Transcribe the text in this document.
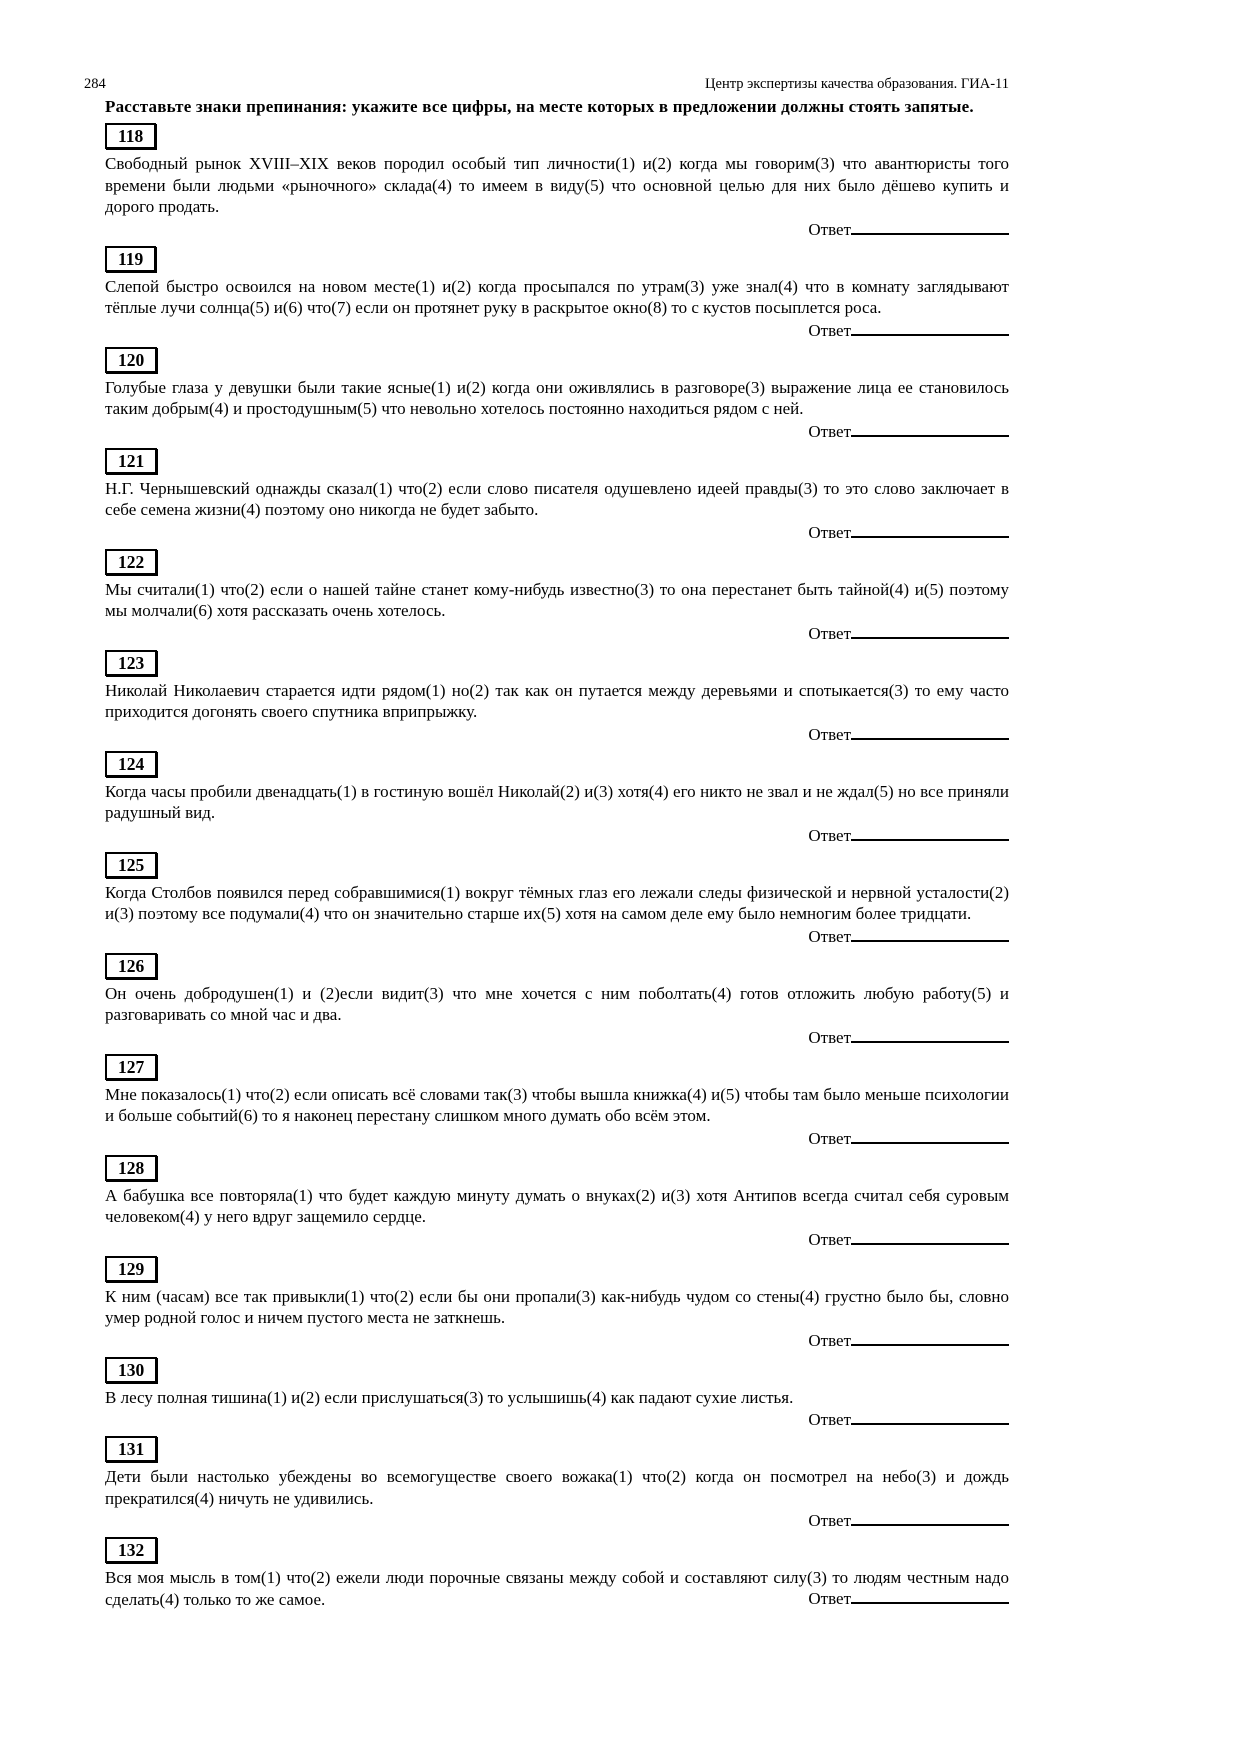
284	Центр экспертизы качества образования. ГИА-11
Расставьте знаки препинания: укажите все цифры, на месте которых в предложении должны стоять запятые.
118
Свободный рынок XVIII–XIX веков породил особый тип личности(1) и(2) когда мы говорим(3) что авантюристы того времени были людьми «рыночного» склада(4) то имеем в виду(5) что основной целью для них было дёшево купить и дорого продать.
Ответ
119
Слепой быстро освоился на новом месте(1) и(2) когда просыпался по утрам(3) уже знал(4) что в комнату заглядывают тёплые лучи солнца(5) и(6) что(7) если он протянет руку в раскрытое окно(8) то с кустов посыплется роса.
Ответ
120
Голубые глаза у девушки были такие ясные(1) и(2) когда они оживлялись в разговоре(3) выражение лица ее становилось таким добрым(4) и простодушным(5) что невольно хотелось постоянно находиться рядом с ней.
Ответ
121
Н.Г. Чернышевский однажды сказал(1) что(2) если слово писателя одушевлено идеей правды(3) то это слово заключает в себе семена жизни(4) поэтому оно никогда не будет забыто.
Ответ
122
Мы считали(1) что(2) если о нашей тайне станет кому-нибудь известно(3) то она перестанет быть тайной(4) и(5) поэтому мы молчали(6) хотя рассказать очень хотелось.
Ответ
123
Николай Николаевич старается идти рядом(1) но(2) так как он путается между деревьями и спотыкается(3) то ему часто приходится догонять своего спутника вприпрыжку.
Ответ
124
Когда часы пробили двенадцать(1) в гостиную вошёл Николай(2) и(3) хотя(4) его никто не звал и не ждал(5) но все приняли радушный вид.
Ответ
125
Когда Столбов появился перед собравшимися(1) вокруг тёмных глаз его лежали следы физической и нервной усталости(2) и(3) поэтому все подумали(4) что он значительно старше их(5) хотя на самом деле ему было немногим более тридцати.
Ответ
126
Он очень добродушен(1) и (2)если видит(3) что мне хочется с ним поболтать(4) готов отложить любую работу(5) и разговаривать со мной час и два.
Ответ
127
Мне показалось(1) что(2) если описать всё словами так(3) чтобы вышла книжка(4) и(5) чтобы там было меньше психологии и больше событий(6) то я наконец перестану слишком много думать обо всём этом.
Ответ
128
А бабушка все повторяла(1) что будет каждую минуту думать о внуках(2) и(3) хотя Антипов всегда считал себя суровым человеком(4) у него вдруг защемило сердце.
Ответ
129
К ним (часам) все так привыкли(1) что(2) если бы они пропали(3) как-нибудь чудом со стены(4) грустно было бы, словно умер родной голос и ничем пустого места не заткнешь.
Ответ
130
В лесу полная тишина(1) и(2) если прислушаться(3) то услышишь(4) как падают сухие листья.
Ответ
131
Дети были настолько убеждены во всемогуществе своего вожака(1) что(2) когда он посмотрел на небо(3) и дождь прекратился(4) ничуть не удивились.
Ответ
132
Вся моя мысль в том(1) что(2) ежели люди порочные связаны между собой и составляют силу(3) то людям честным надо сделать(4) только то же самое.	Ответ
